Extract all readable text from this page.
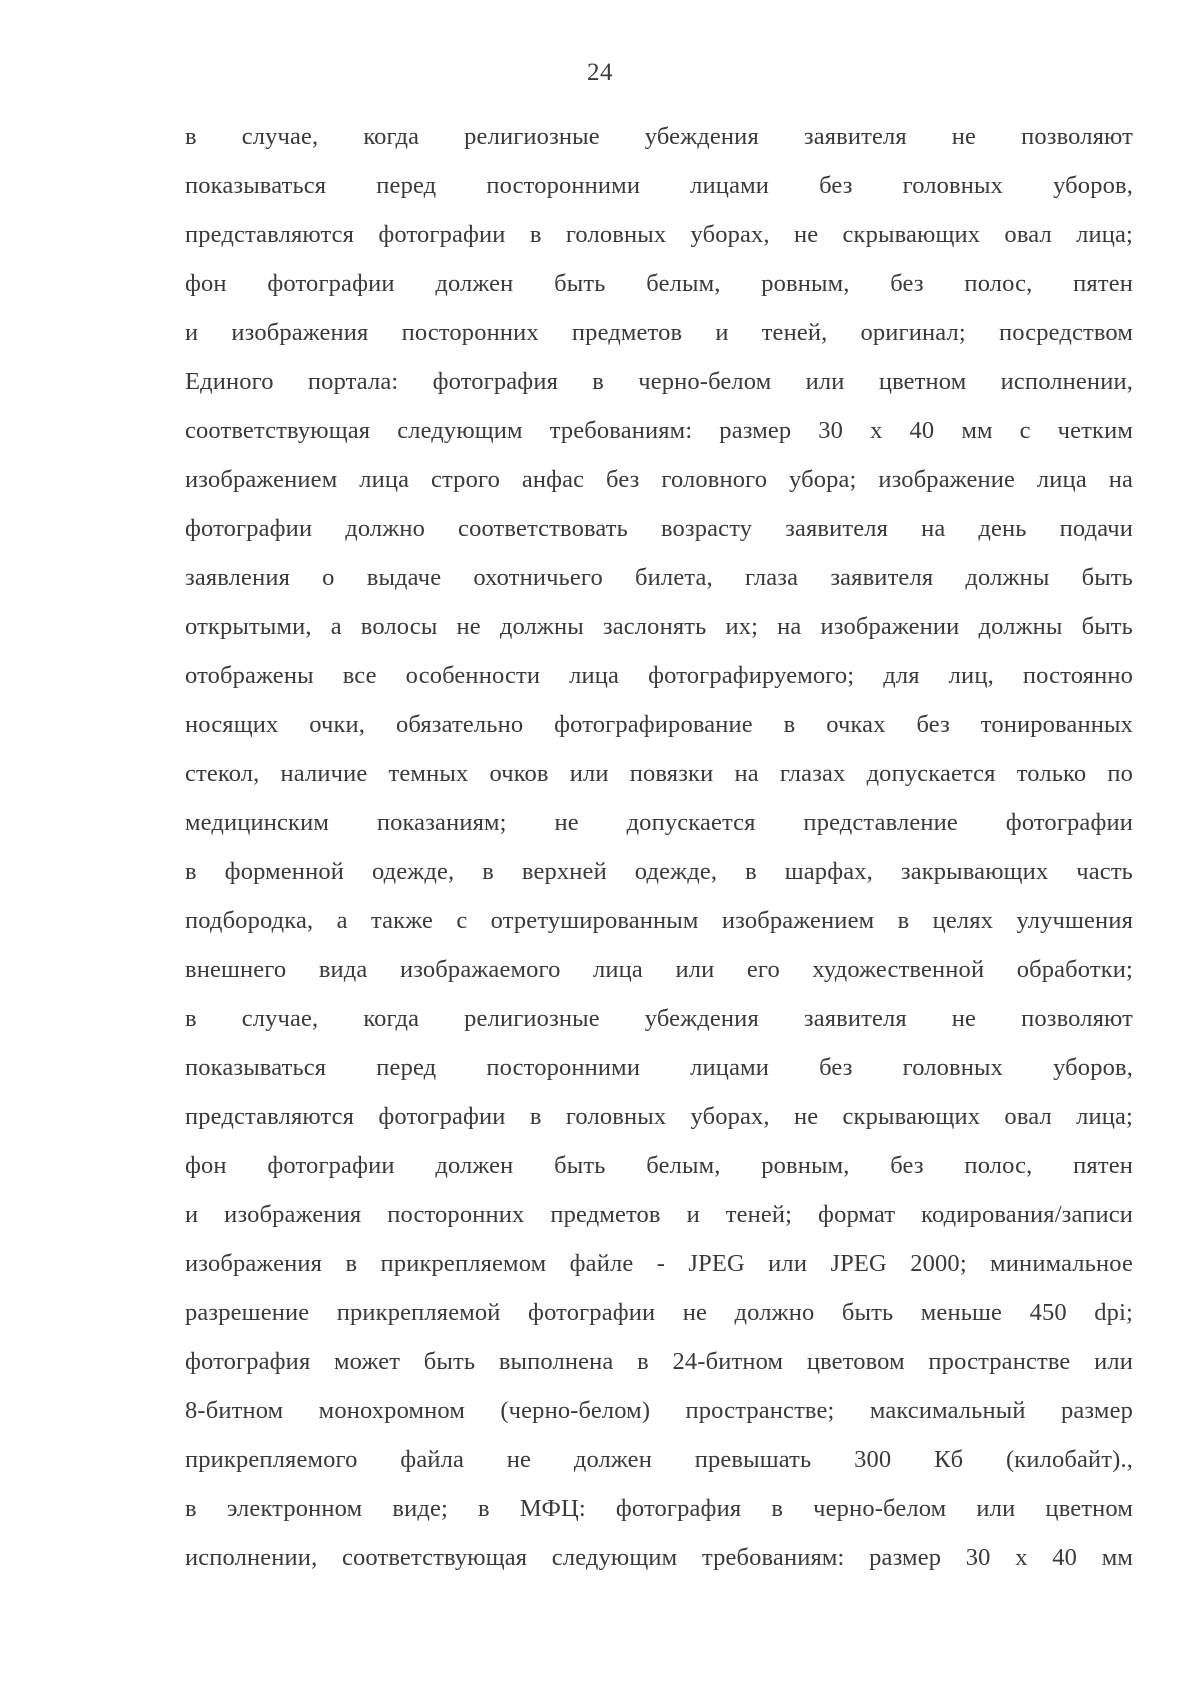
24
в случае, когда религиозные убеждения заявителя не позволяют
показываться перед посторонними лицами без головных уборов,
представляются фотографии в головных уборах, не скрывающих овал лица;
фон фотографии должен быть белым, ровным, без полос, пятен
и изображения посторонних предметов и теней, оригинал; посредством
Единого портала: фотография в черно-белом или цветном исполнении,
соответствующая следующим требованиям: размер 30 х 40 мм с четким
изображением лица строго анфас без головного убора; изображение лица на
фотографии должно соответствовать возрасту заявителя на день подачи
заявления о выдаче охотничьего билета, глаза заявителя должны быть
открытыми, а волосы не должны заслонять их; на изображении должны быть
отображены все особенности лица фотографируемого; для лиц, постоянно
носящих очки, обязательно фотографирование в очках без тонированных
стекол, наличие темных очков или повязки на глазах допускается только по
медицинским показаниям; не допускается представление фотографии
в форменной одежде, в верхней одежде, в шарфах, закрывающих часть
подбородка, а также с отретушированным изображением в целях улучшения
внешнего вида изображаемого лица или его художественной обработки;
в случае, когда религиозные убеждения заявителя не позволяют
показываться перед посторонними лицами без головных уборов,
представляются фотографии в головных уборах, не скрывающих овал лица;
фон фотографии должен быть белым, ровным, без полос, пятен
и изображения посторонних предметов и теней; формат кодирования/записи
изображения в прикрепляемом файле - JPEG или JPEG 2000; минимальное
разрешение прикрепляемой фотографии не должно быть меньше 450 dpi;
фотография может быть выполнена в 24-битном цветовом пространстве или
8-битном монохромном (черно-белом) пространстве; максимальный размер
прикрепляемого файла не должен превышать 300 Кб (килобайт).,
в электронном виде; в МФЦ: фотография в черно-белом или цветном
исполнении, соответствующая следующим требованиям: размер 30 х 40 мм
